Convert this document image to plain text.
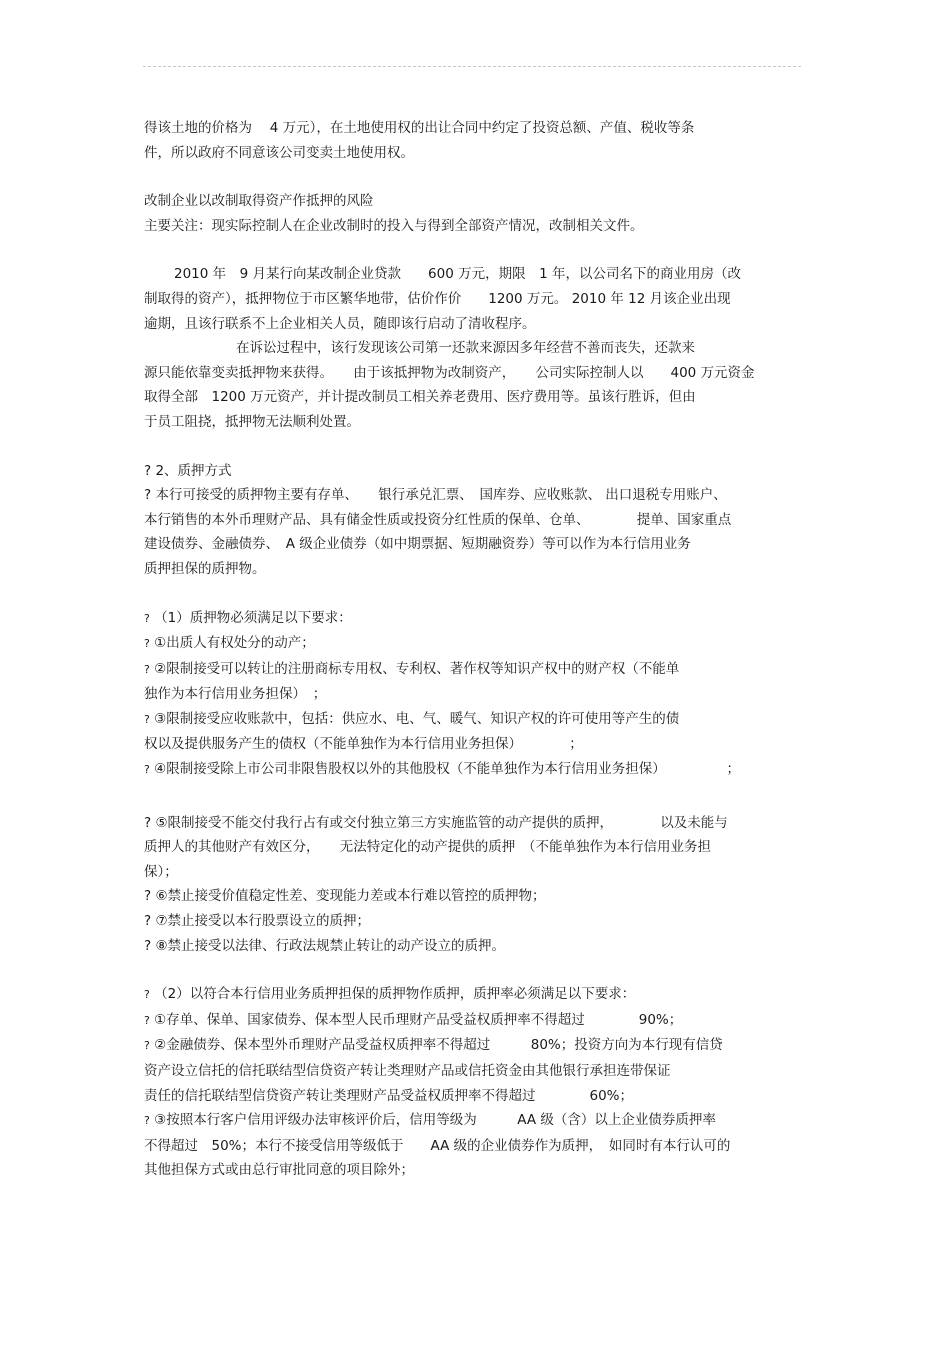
得该土地的价格为　 4 万元），在土地使用权的出让合同中约定了投资总额、产值、税收等条

件，所以政府不同意该公司变卖土地使用权。

改制企业以改制取得资产作抵押的风险

主要关注：现实际控制人在企业改制时的投入与得到全部资产情况，改制相关文件。

2010 年　9 月某行向某改制企业贷款　　600 万元，期限　1 年，以公司名下的商业用房（改

制取得的资产），抵押物位于市区繁华地带，估价作价　　1200 万元。 2010 年 12 月该企业出现

逾期，且该行联系不上企业相关人员，随即该行启动了清收程序。

在诉讼过程中，该行发现该公司第一还款来源因多年经营不善而丧失，还款来

源只能依靠变卖抵押物来获得。　　由于该抵押物为改制资产，　　公司实际控制人以　　400 万元资金

取得全部　1200 万元资产，并计提改制员工相关养老费用、医疗费用等。虽该行胜诉，但由

于员工阻挠，抵押物无法顺利处置。

? 2、质押方式

? 本行可接受的质押物主要有存单、　　银行承兑汇票、　国库券、应收账款、 出口退税专用账户、

本行销售的本外币理财产品、具有储金性质或投资分红性质的保单、仓单、　　　　提单、国家重点

建设债券、金融债券、　A 级企业债券（如中期票据、短期融资券）等可以作为本行信用业务

质押担保的质押物。

? （1）质押物必须满足以下要求：

? ①出质人有权处分的动产；

? ②限制接受可以转让的注册商标专用权、专利权、著作权等知识产权中的财产权（不能单

独作为本行信用业务担保）　；

? ③限制接受应收账款中，包括：供应水、电、气、暖气、知识产权的许可使用等产生的债

权以及提供服务产生的债权（不能单独作为本行信用业务担保）　　　　；

? ④限制接受除上市公司非限售股权以外的其他股权（不能单独作为本行信用业务担保）　　　　　；

? ⑤限制接受不能交付我行占有或交付独立第三方实施监管的动产提供的质押，　　　　以及未能与

质押人的其他财产有效区分，　　无法特定化的动产提供的质押　（不能单独作为本行信用业务担

保）；

? ⑥禁止接受价值稳定性差、变现能力差或本行难以管控的质押物；

? ⑦禁止接受以本行股票设立的质押；

? ⑧禁止接受以法律、行政法规禁止转让的动产设立的质押。

? （2）以符合本行信用业务质押担保的质押物作质押，质押率必须满足以下要求：

? ①存单、保单、国家债券、保本型人民币理财产品受益权质押率不得超过　　　　90%；

? ②金融债券、保本型外币理财产品受益权质押率不得超过　　　80%；投资方向为本行现有信贷

资产设立信托的信托联结型信贷资产转让类理财产品或信托资金由其他银行承担连带保证

责任的信托联结型信贷资产转让类理财产品受益权质押率不得超过　　　　60%；

? ③按照本行客户信用评级办法审核评价后，信用等级为　　　AA 级（含）以上企业债券质押率

不得超过　50%；本行不接受信用等级低于　　AA 级的企业债券作为质押，　如同时有本行认可的

其他担保方式或由总行审批同意的项目除外；
